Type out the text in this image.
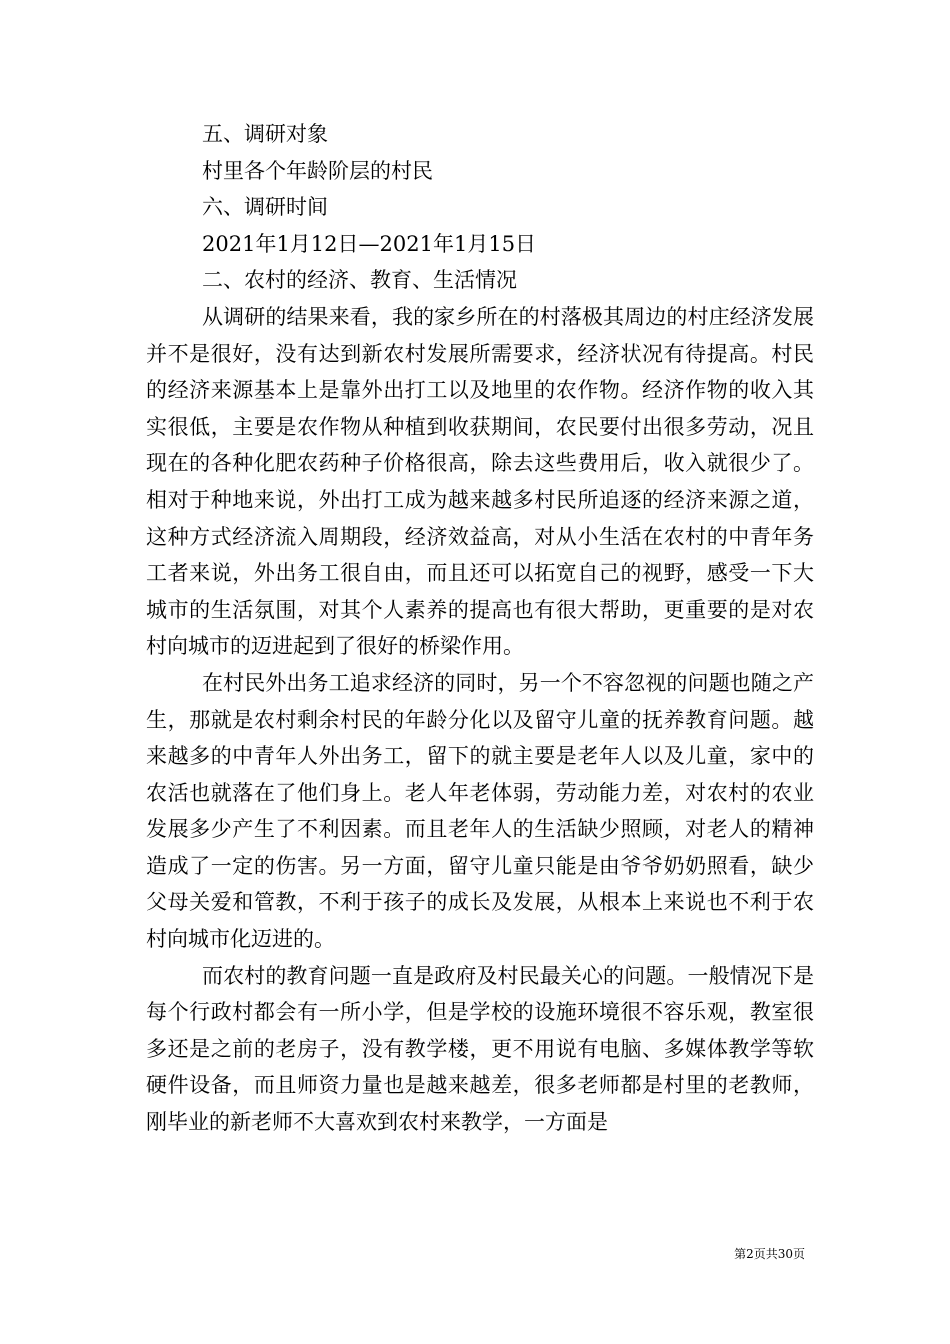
五、调研对象

村里各个年龄阶层的村民

六、调研时间

2021年1月12日—2021年1月15日

二、农村的经济、教育、生活情况

从调研的结果来看，我的家乡所在的村落极其周边的村庄经济发展并不是很好，没有达到新农村发展所需要求，经济状况有待提高。村民的经济来源基本上是靠外出打工以及地里的农作物。经济作物的收入其实很低，主要是农作物从种植到收获期间，农民要付出很多劳动，况且现在的各种化肥农药种子价格很高，除去这些费用后，收入就很少了。相对于种地来说，外出打工成为越来越多村民所追逐的经济来源之道，这种方式经济流入周期段，经济效益高，对从小生活在农村的中青年务工者来说，外出务工很自由，而且还可以拓宽自己的视野，感受一下大城市的生活氛围，对其个人素养的提高也有很大帮助，更重要的是对农村向城市的迈进起到了很好的桥梁作用。

在村民外出务工追求经济的同时，另一个不容忽视的问题也随之产生，那就是农村剩余村民的年龄分化以及留守儿童的抚养教育问题。越来越多的中青年人外出务工，留下的就主要是老年人以及儿童，家中的农活也就落在了他们身上。老人年老体弱，劳动能力差，对农村的农业发展多少产生了不利因素。而且老年人的生活缺少照顾，对老人的精神造成了一定的伤害。另一方面，留守儿童只能是由爷爷奶奶照看，缺少父母关爱和管教，不利于孩子的成长及发展，从根本上来说也不利于农村向城市化迈进的。

而农村的教育问题一直是政府及村民最关心的问题。一般情况下是每个行政村都会有一所小学，但是学校的设施环境很不容乐观，教室很多还是之前的老房子，没有教学楼，更不用说有电脑、多媒体教学等软硬件设备，而且师资力量也是越来越差，很多老师都是村里的老教师，刚毕业的新老师不大喜欢到农村来教学，一方面是

第2页共30页
